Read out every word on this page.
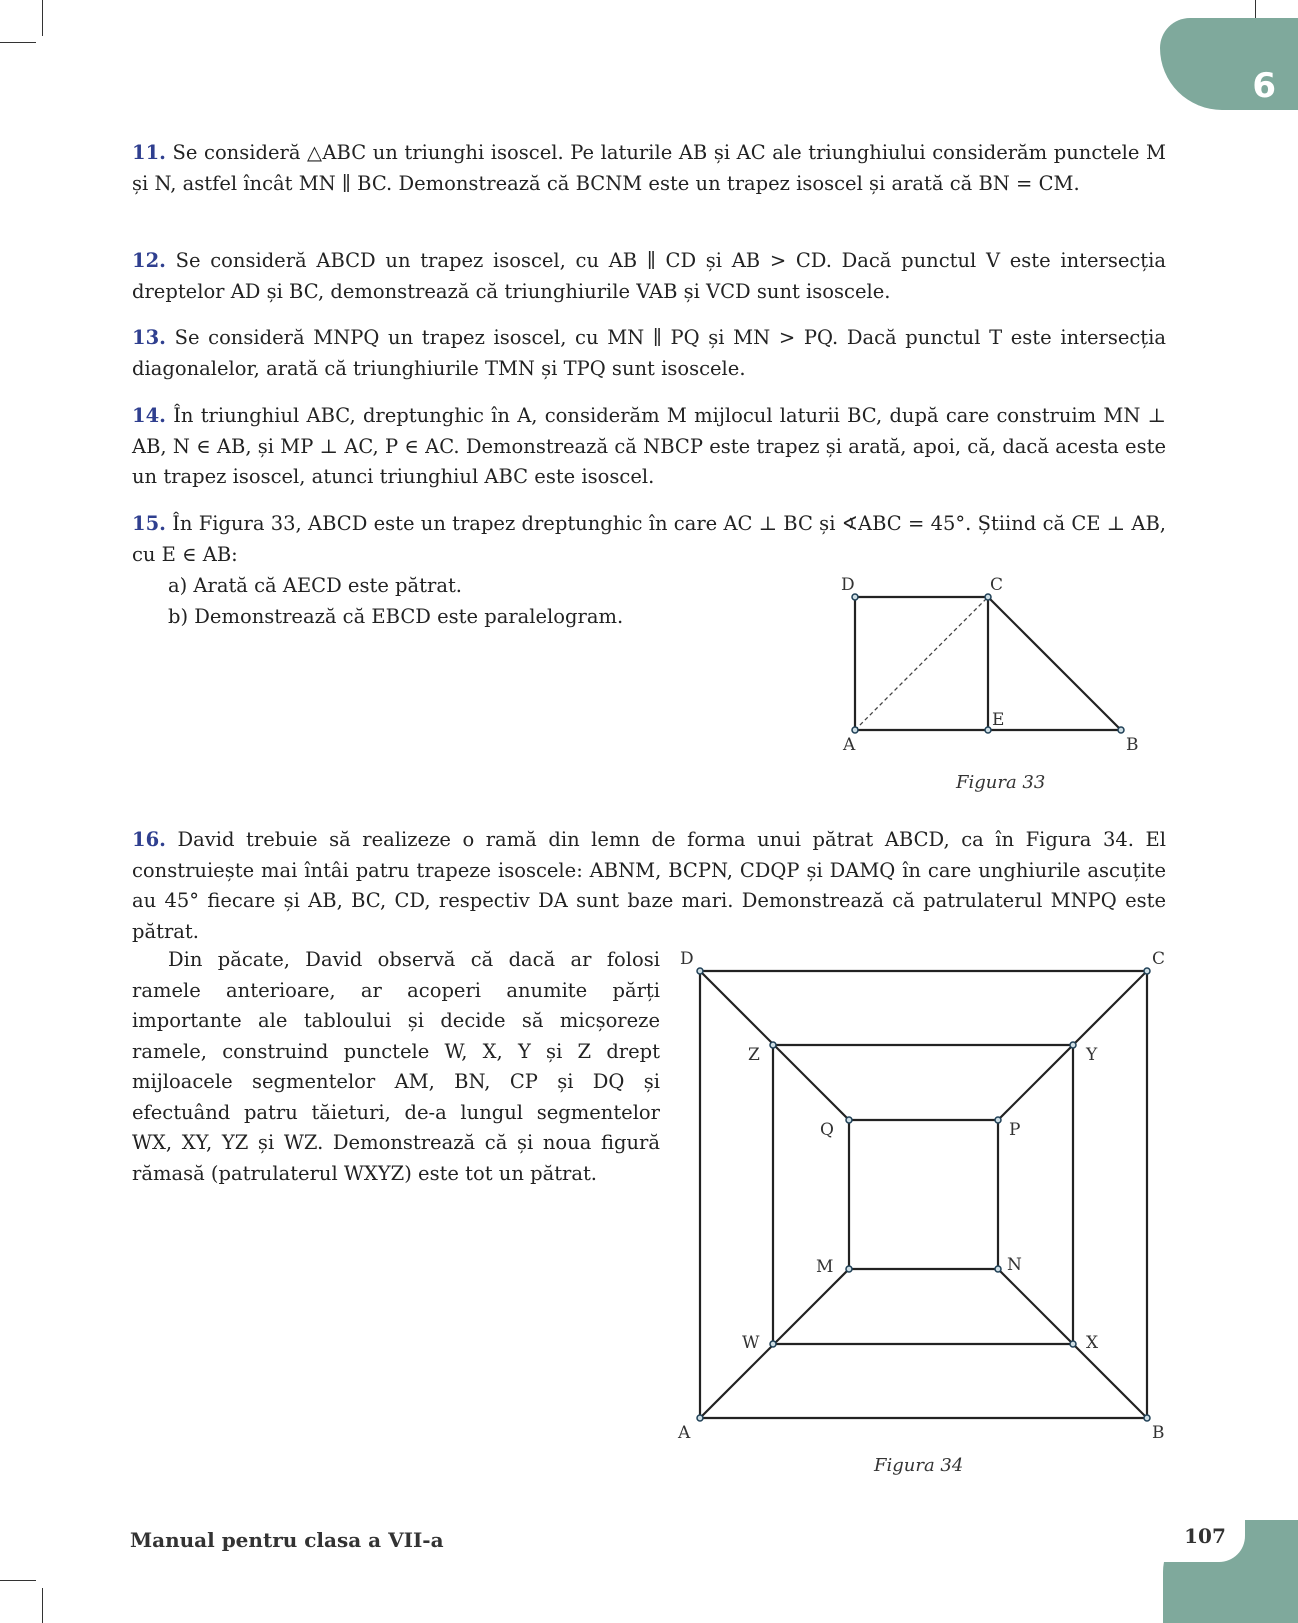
6

11. Se consideră △ABC un triunghi isoscel. Pe laturile AB și AC ale triunghiului considerăm punctele M și N, astfel încât MN ∥ BC. Demonstrează că BCNM este un trapez isoscel și arată că BN = CM.

12. Se consideră ABCD un trapez isoscel, cu AB ∥ CD și AB > CD. Dacă punctul V este intersecția dreptelor AD și BC, demonstrează că triunghiurile VAB și VCD sunt isoscele.

13. Se consideră MNPQ un trapez isoscel, cu MN ∥ PQ și MN > PQ. Dacă punctul T este intersecția diagonalelor, arată că triunghiurile TMN și TPQ sunt isoscele.

14. În triunghiul ABC, dreptunghic în A, considerăm M mijlocul laturii BC, după care construim MN ⊥ AB, N ∈ AB, și MP ⊥ AC, P ∈ AC. Demonstrează că NBCP este trapez și arată, apoi, că, dacă acesta este un trapez isoscel, atunci triunghiul ABC este isoscel.

15. În Figura 33, ABCD este un trapez dreptunghic în care AC ⊥ BC și ∢ABC = 45°. Știind că CE ⊥ AB, cu E ∈ AB:

a) Arată că AECD este pătrat.
b) Demonstrează că EBCD este paralelogram.
D	C
E
A	B
Figura 33

16. David trebuie să realizeze o ramă din lemn de forma unui pătrat ABCD, ca în Figura 34. El construiește mai întâi patru trapeze isoscele: ABNM, BCPN, CDQP și DAMQ în care unghiurile ascuțite au 45° fiecare și AB, BC, CD, respectiv DA sunt baze mari. Demonstrează că patrulaterul MNPQ este pătrat.

Din păcate, David observă că dacă ar folosi ramele anterioare, ar acoperi anumite părți importante ale tabloului și decide să micșoreze ramele, construind punctele W, X, Y și Z drept mijloacele segmentelor AM, BN, CP și DQ și efectuând patru tăieturi, de-a lungul segmentelor WX, XY, YZ și WZ. Demonstrează că și noua figură rămasă (patrulaterul WXYZ) este tot un pătrat.

D	C
A	B
Z	Y
W	X
Q	P
M	N
Figura 34
Manual pentru clasa a VII-a	107
